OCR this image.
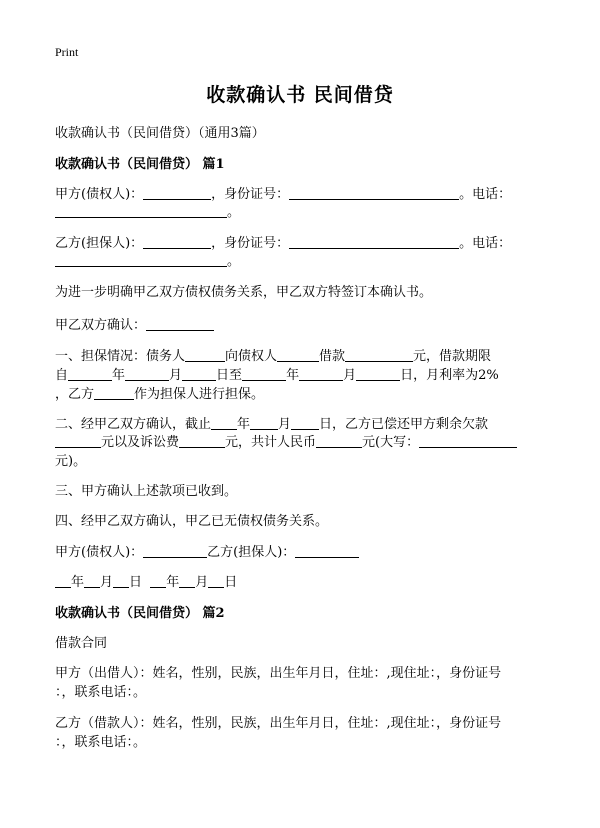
Print
收款确认书 民间借贷
收款确认书（民间借贷）（通用3篇）
收款确认书（民间借贷） 篇1
甲方(债权人)：	，身份证号：	。电话：
。
乙方(担保人)：	，身份证号：	。电话：
。
为进一步明确甲乙双方债权债务关系，甲乙双方特签订本确认书。
甲乙双方确认：
一、担保情况：债务人	向债权人	借款	元，借款期限
自	年	月	日至	年	月	日，月利率为2%
，乙方	作为担保人进行担保。
二、经甲乙双方确认，截止 年 月 日，乙方已偿还甲方剩余欠款
元以及诉讼费	元，共计人民币	元(大写：
元)。
三、甲方确认上述款项已收到。
四、经甲乙双方确认，甲乙已无债权债务关系。
甲方(债权人)：	乙方(担保人)：
年 月 日 年 月 日
收款确认书（民间借贷） 篇2
借款合同
甲方（出借人）：姓名，性别，民族，出生年月日，住址：,现住址：，身份证号
：，联系电话：。
乙方（借款人）：姓名，性别，民族，出生年月日，住址：,现住址：，身份证号
：，联系电话：。
